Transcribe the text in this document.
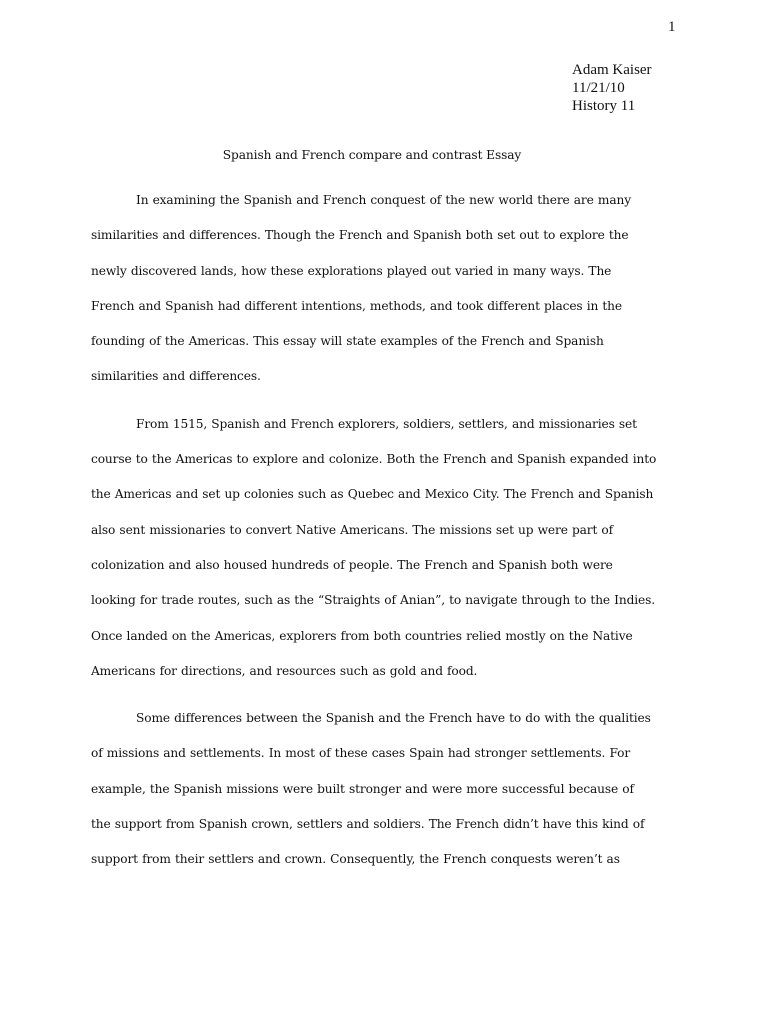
1
Adam Kaiser
11/21/10
History 11
Spanish and French compare and contrast Essay
In examining the Spanish and French conquest of the new world there are many
similarities and differences. Though the French and Spanish both set out to explore the
newly discovered lands, how these explorations played out varied in many ways. The
French and Spanish had different intentions, methods, and took different places in the
founding of the Americas. This essay will state examples of the French and Spanish
similarities and differences.
From 1515, Spanish and French explorers, soldiers, settlers, and missionaries set
course to the Americas to explore and colonize. Both the French and Spanish expanded into
the Americas and set up colonies such as Quebec and Mexico City. The French and Spanish
also sent missionaries to convert Native Americans. The missions set up were part of
colonization and also housed hundreds of people. The French and Spanish both were
looking for trade routes, such as the “Straights of Anian”, to navigate through to the Indies.
Once landed on the Americas, explorers from both countries relied mostly on the Native
Americans for directions, and resources such as gold and food.
Some differences between the Spanish and the French have to do with the qualities
of missions and settlements. In most of these cases Spain had stronger settlements. For
example, the Spanish missions were built stronger and were more successful because of
the support from Spanish crown, settlers and soldiers. The French didn’t have this kind of
support from their settlers and crown. Consequently, the French conquests weren’t as
